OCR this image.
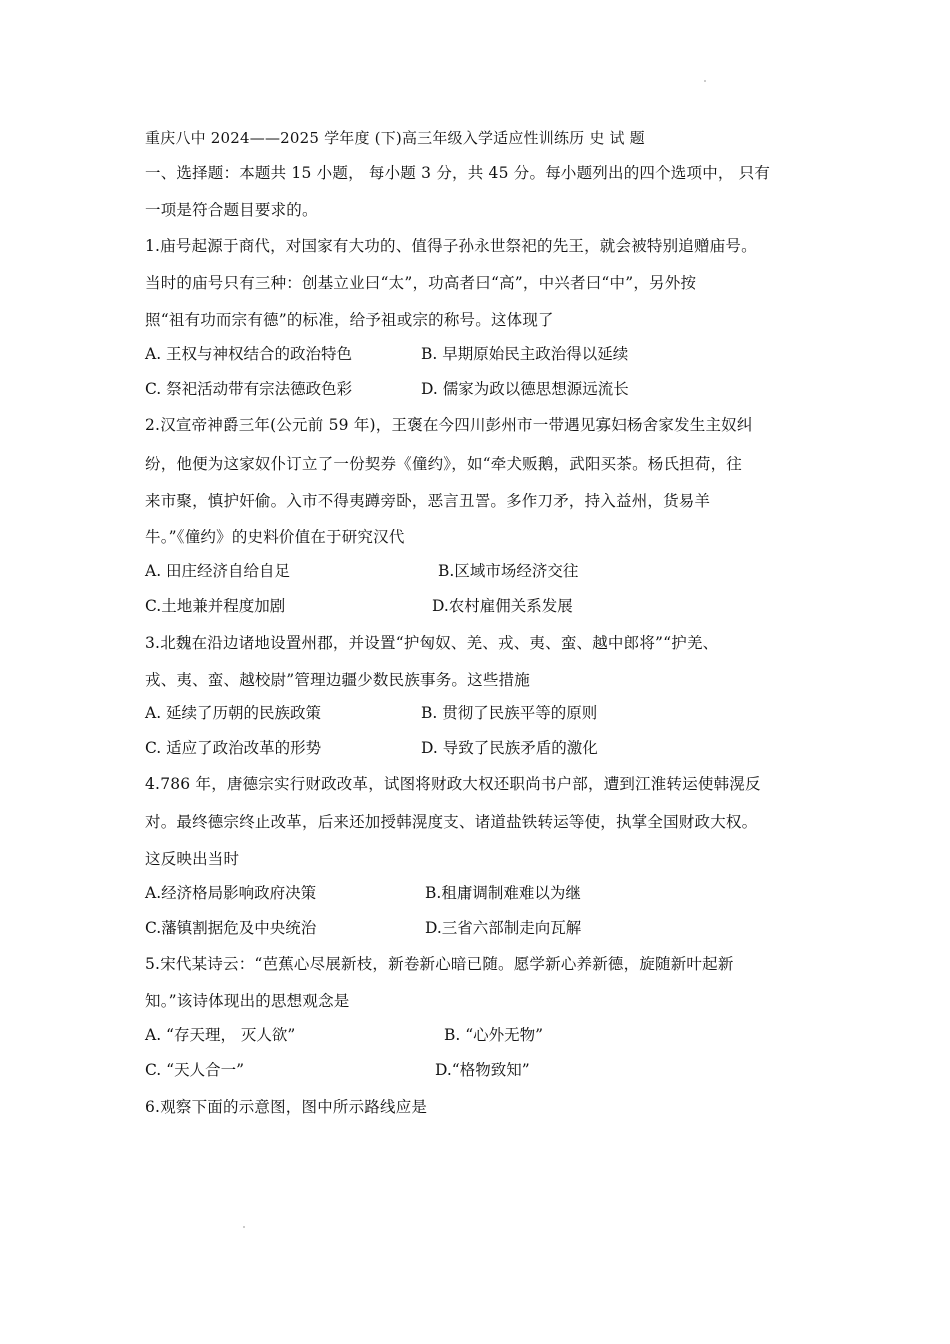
重庆八中 2024——2025 学年度 (下)高三年级入学适应性训练历 史 试 题
一、选择题：本题共 15 小题， 每小题 3 分，共 45 分。每小题列出的四个选项中， 只有
一项是符合题目要求的。
1.庙号起源于商代，对国家有大功的、值得子孙永世祭祀的先王，就会被特别追赠庙号。
当时的庙号只有三种：创基立业曰“太”，功高者曰“高”，中兴者曰“中”，另外按
照“祖有功而宗有德”的标准，给予祖或宗的称号。这体现了
A. 王权与神权结合的政治特色	B. 早期原始民主政治得以延续
C. 祭祀活动带有宗法德政色彩	D. 儒家为政以德思想源远流长
2.汉宣帝神爵三年(公元前 59 年)，王褒在今四川彭州市一带遇见寡妇杨舍家发生主奴纠
纷，他便为这家奴仆订立了一份契券《僮约》，如“牵犬贩鹅，武阳买茶。杨氏担荷，往
来市聚，慎护奸偷。入市不得夷蹲旁卧，恶言丑詈。多作刀矛，持入益州，货易羊
牛。”《僮约》的史料价值在于研究汉代
A. 田庄经济自给自足	B.区域市场经济交往
C.土地兼并程度加剧	D.农村雇佣关系发展
3.北魏在沿边诸地设置州郡，并设置“护匈奴、羌、戎、夷、蛮、越中郎将”“护羌、
戎、夷、蛮、越校尉”管理边疆少数民族事务。这些措施
A. 延续了历朝的民族政策	B. 贯彻了民族平等的原则
C. 适应了政治改革的形势	D. 导致了民族矛盾的激化
4.786 年，唐德宗实行财政改革，试图将财政大权还职尚书户部，遭到江淮转运使韩滉反
对。最终德宗终止改革，后来还加授韩滉度支、诸道盐铁转运等使，执掌全国财政大权。
这反映出当时
A.经济格局影响政府决策	B.租庸调制难难以为继
C.藩镇割据危及中央统治	D.三省六部制走向瓦解
5.宋代某诗云：“芭蕉心尽展新枝，新卷新心暗已随。愿学新心养新德，旋随新叶起新
知。”该诗体现出的思想观念是
A. “存天理， 灭人欲”	B. “心外无物”
C. “天人合一”	D.“格物致知”
6.观察下面的示意图，图中所示路线应是
